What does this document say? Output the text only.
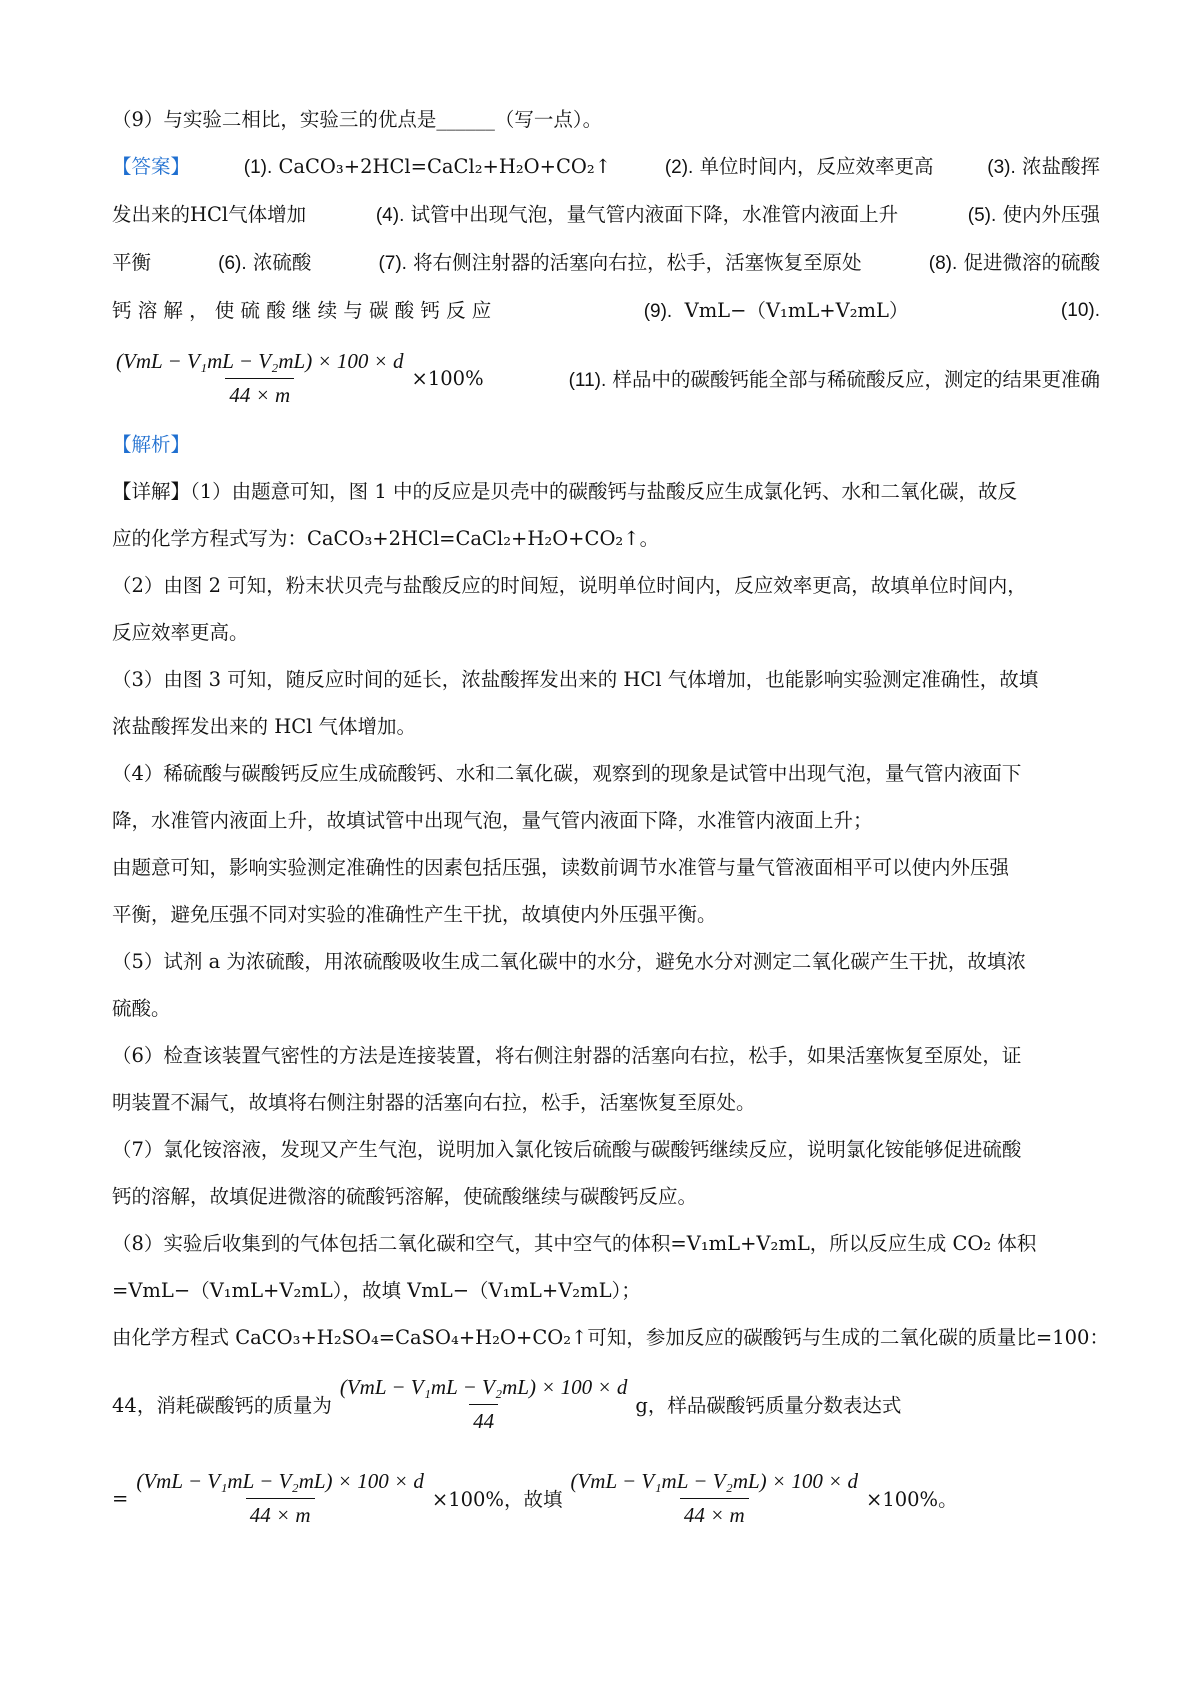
（9）与实验二相比，实验三的优点是______（写一点）。
【答案】	(1). CaCO₃+2HCl=CaCl₂+H₂O+CO₂↑	(2). 单位时间内，反应效率更高	(3). 浓盐酸挥
发出来的HCl气体增加	(4). 试管中出现气泡，量气管内液面下降，水准管内液面上升	(5). 使内外压强
平衡	(6). 浓硫酸	(7). 将右侧注射器的活塞向右拉，松手，活塞恢复至原处	(8). 促进微溶的硫酸
钙 溶 解 ， 使 硫 酸 继 续 与 碳 酸 钙 反 应	(9). VmL−（V₁mL+V₂mL）	(10).
$\frac{\text{(VmL − V₁mL − V₂mL) × 100 × d}}{44 \times m} \times 100\%$	(11). 样品中的碳酸钙能全部与稀硫酸反应，测定的结果更准确
【解析】
【详解】（1）由题意可知，图 1 中的反应是贝壳中的碳酸钙与盐酸反应生成氯化钙、水和二氧化碳，故反
应的化学方程式写为：CaCO₃+2HCl=CaCl₂+H₂O+CO₂↑。
（2）由图 2 可知，粉末状贝壳与盐酸反应的时间短，说明单位时间内，反应效率更高，故填单位时间内，
反应效率更高。
（3）由图 3 可知，随反应时间的延长，浓盐酸挥发出来的 HCl 气体增加，也能影响实验测定准确性，故填
浓盐酸挥发出来的 HCl 气体增加。
（4）稀硫酸与碳酸钙反应生成硫酸钙、水和二氧化碳，观察到的现象是试管中出现气泡，量气管内液面下
降，水准管内液面上升，故填试管中出现气泡，量气管内液面下降，水准管内液面上升；
由题意可知，影响实验测定准确性的因素包括压强，读数前调节水准管与量气管液面相平可以使内外压强
平衡，避免压强不同对实验的准确性产生干扰，故填使内外压强平衡。
（5）试剂 a 为浓硫酸，用浓硫酸吸收生成二氧化碳中的水分，避免水分对测定二氧化碳产生干扰，故填浓
硫酸。
（6）检查该装置气密性的方法是连接装置，将右侧注射器的活塞向右拉，松手，如果活塞恢复至原处，证
明装置不漏气，故填将右侧注射器的活塞向右拉，松手，活塞恢复至原处。
（7）氯化铵溶液，发现又产生气泡，说明加入氯化铵后硫酸与碳酸钙继续反应，说明氯化铵能够促进硫酸
钙的溶解，故填促进微溶的硫酸钙溶解，使硫酸继续与碳酸钙反应。
（8）实验后收集到的气体包括二氧化碳和空气，其中空气的体积=V₁mL+V₂mL，所以反应生成 CO₂ 体积
=VmL−（V₁mL+V₂mL），故填 VmL−（V₁mL+V₂mL）；
由化学方程式 CaCO₃+H₂SO₄=CaSO₄+H₂O+CO₂↑可知，参加反应的碳酸钙与生成的二氧化碳的质量比=100：
44，消耗碳酸钙的质量为 $\frac{\text{(VmL − V₁mL − V₂mL) × 100 × d}}{44}$ g，样品碳酸钙质量分数表达式
= $\frac{\text{(VmL − V₁mL − V₂mL) × 100 × d}}{44 \times m} \times 100\%$，故填 $\frac{\text{(VmL − V₁mL − V₂mL) × 100 × d}}{44 \times m} \times 100\%$。
